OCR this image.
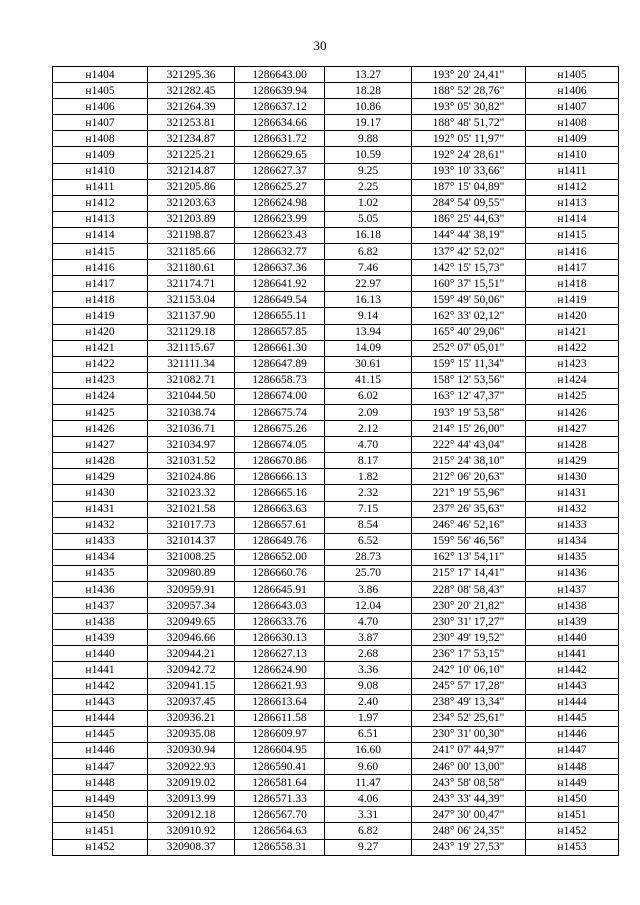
30
н1404	321295.36	1286643.00	13.27	193° 20' 24,41"	н1405
н1405	321282.45	1286639.94	18.28	188° 52' 28,76"	н1406
н1406	321264.39	1286637.12	10.86	193° 05' 30,82"	н1407
н1407	321253.81	1286634.66	19.17	188° 48' 51,72"	н1408
н1408	321234.87	1286631.72	9.88	192° 05' 11,97"	н1409
н1409	321225.21	1286629.65	10.59	192° 24' 28,61"	н1410
н1410	321214.87	1286627.37	9.25	193° 10' 33,66"	н1411
н1411	321205.86	1286625.27	2.25	187° 15' 04,89"	н1412
н1412	321203.63	1286624.98	1.02	284° 54' 09,55"	н1413
н1413	321203.89	1286623.99	5.05	186° 25' 44,63"	н1414
н1414	321198.87	1286623.43	16.18	144° 44' 38,19"	н1415
н1415	321185.66	1286632.77	6.82	137° 42' 52,02"	н1416
н1416	321180.61	1286637.36	7.46	142° 15' 15,73"	н1417
н1417	321174.71	1286641.92	22.97	160° 37' 15,51"	н1418
н1418	321153.04	1286649.54	16.13	159° 49' 50,06"	н1419
н1419	321137.90	1286655.11	9.14	162° 33' 02,12"	н1420
н1420	321129.18	1286657.85	13.94	165° 40' 29,06"	н1421
н1421	321115.67	1286661.30	14.09	252° 07' 05,01"	н1422
н1422	321111.34	1286647.89	30.61	159° 15' 11,34"	н1423
н1423	321082.71	1286658.73	41.15	158° 12' 53,56"	н1424
н1424	321044.50	1286674.00	6.02	163° 12' 47,37"	н1425
н1425	321038.74	1286675.74	2.09	193° 19' 53,58"	н1426
н1426	321036.71	1286675.26	2.12	214° 15' 26,00"	н1427
н1427	321034.97	1286674.05	4.70	222° 44' 43,04"	н1428
н1428	321031.52	1286670.86	8.17	215° 24' 38,10"	н1429
н1429	321024.86	1286666.13	1.82	212° 06' 20,63"	н1430
н1430	321023.32	1286665.16	2.32	221° 19' 55,96"	н1431
н1431	321021.58	1286663.63	7.15	237° 26' 35,63"	н1432
н1432	321017.73	1286657.61	8.54	246° 46' 52,16"	н1433
н1433	321014.37	1286649.76	6.52	159° 56' 46,56"	н1434
н1434	321008.25	1286652.00	28.73	162° 13' 54,11"	н1435
н1435	320980.89	1286660.76	25.70	215° 17' 14,41"	н1436
н1436	320959.91	1286645.91	3.86	228° 08' 58,43"	н1437
н1437	320957.34	1286643.03	12.04	230° 20' 21,82"	н1438
н1438	320949.65	1286633.76	4.70	230° 31' 17,27"	н1439
н1439	320946.66	1286630.13	3.87	230° 49' 19,52"	н1440
н1440	320944.21	1286627.13	2.68	236° 17' 53,15"	н1441
н1441	320942.72	1286624.90	3.36	242° 10' 06,10"	н1442
н1442	320941.15	1286621.93	9.08	245° 57' 17,28"	н1443
н1443	320937.45	1286613.64	2.40	238° 49' 13,34"	н1444
н1444	320936.21	1286611.58	1.97	234° 52' 25,61"	н1445
н1445	320935.08	1286609.97	6.51	230° 31' 00,30"	н1446
н1446	320930.94	1286604.95	16.60	241° 07' 44,97"	н1447
н1447	320922.93	1286590.41	9.60	246° 00' 13,00"	н1448
н1448	320919.02	1286581.64	11.47	243° 58' 08,58"	н1449
н1449	320913.99	1286571.33	4.06	243° 33' 44,39"	н1450
н1450	320912.18	1286567.70	3.31	247° 30' 00,47"	н1451
н1451	320910.92	1286564.63	6.82	248° 06' 24,35"	н1452
н1452	320908.37	1286558.31	9.27	243° 19' 27,53"	н1453
